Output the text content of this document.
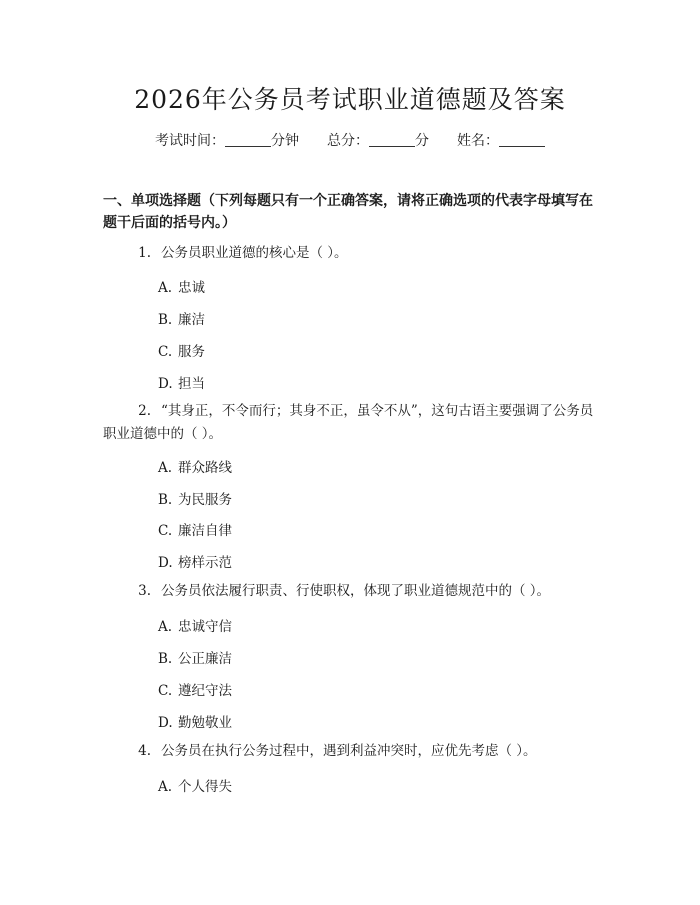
2026年公务员考试职业道德题及答案
考试时间：	分钟 总分：	分 姓名：
一、单项选择题（下列每题只有一个正确答案，请将正确选项的代表字母填写在题干后面的括号内。）
1. 公务员职业道德的核心是（ ）。
A. 忠诚
B. 廉洁
C. 服务
D. 担当
2. “其身正，不令而行；其身不正，虽令不从”，这句古语主要强调了公务员职业道德中的（ ）。
A. 群众路线
B. 为民服务
C. 廉洁自律
D. 榜样示范
3. 公务员依法履行职责、行使职权，体现了职业道德规范中的（ ）。
A. 忠诚守信
B. 公正廉洁
C. 遵纪守法
D. 勤勉敬业
4. 公务员在执行公务过程中，遇到利益冲突时，应优先考虑（ ）。
A. 个人得失
